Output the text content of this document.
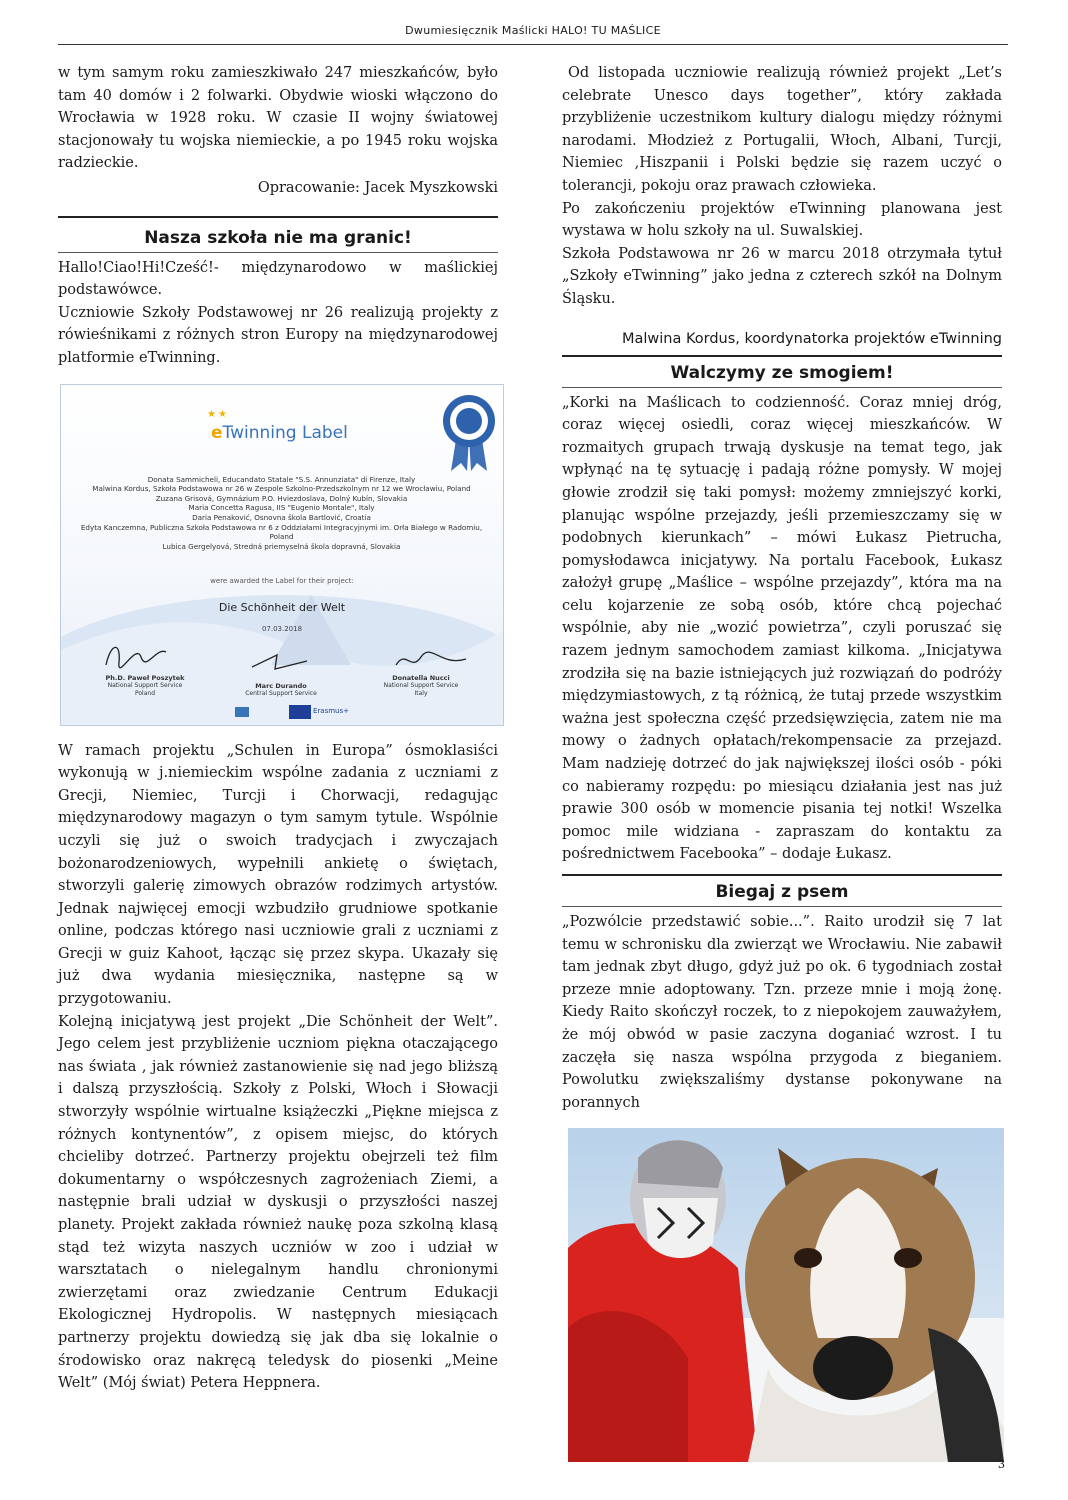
Dwumiesięcznik Maślicki HALO! TU MAŚLICE

w tym samym roku zamieszkiwało 247 mieszkańców, było tam 40 domów i 2 folwarki. Obydwie wioski włączono do Wrocławia w 1928 roku. W czasie II wojny światowej stacjonowały tu wojska niemieckie, a po 1945 roku wojska radzieckie.

Opracowanie: Jacek Myszkowski

Nasza szkoła nie ma granic!

Hallo!Ciao!Hi!Cześć!- międzynarodowo w maślickiej podstawówce.

Uczniowie Szkoły Podstawowej nr 26 realizują projekty z rówieśnikami z różnych stron Europy na międzynarodowej platformie eTwinning.

★★
eTwinning Label
Donata Sammicheli, Educandato Statale "S.S. Annunziata" di Firenze, Italy
Malwina Kordus, Szkoła Podstawowa nr 26 w Zespole Szkolno-Przedszkolnym nr 12 we Wrocławiu, Poland
Zuzana Grisová, Gymnázium P.O. Hviezdoslava, Dolný Kubín, Slovakia
Maria Concetta Ragusa, IIS "Eugenio Montale", Italy
Daria Penaković, Osnovna škola Bartlović, Croatia
Edyta Kanczemna, Publiczna Szkoła Podstawowa nr 6 z Oddziałami Integracyjnymi im. Orła Białego w Radomiu, Poland
Lubica Gergelyová, Stredná priemyselná škola dopravná, Slovakia
were awarded the Label for their project:
Die Schönheit der Welt
07.03.2018
Ph.D. Paweł Poszytek
National Support Service
Poland
Marc Durando
Central Support Service
Donatella Nucci
National Support Service
Italy
Erasmus+

W ramach projektu „Schulen in Europa” ósmoklasiści wykonują w j.niemieckim wspólne zadania z uczniami z Grecji, Niemiec, Turcji i Chorwacji, redagując międzynarodowy magazyn o tym samym tytule. Wspólnie uczyli się już o swoich tradycjach i zwyczajach bożonarodzeniowych, wypełnili ankietę o świętach, stworzyli galerię zimowych obrazów rodzimych artystów. Jednak najwięcej emocji wzbudziło grudniowe spotkanie online, podczas którego nasi uczniowie grali z uczniami z Grecji w guiz Kahoot, łącząc się przez skypa. Ukazały się już dwa wydania miesięcznika, następne są w przygotowaniu.

Kolejną inicjatywą jest projekt „Die Schönheit der Welt”. Jego celem jest przybliżenie uczniom piękna otaczającego nas świata , jak również zastanowienie się nad jego bliższą i dalszą przyszłością. Szkoły z Polski, Włoch i Słowacji stworzyły wspólnie wirtualne książeczki „Piękne miejsca z różnych kontynentów”, z opisem miejsc, do których chcieliby dotrzeć. Partnerzy projektu obejrzeli też film dokumentarny o współczesnych zagrożeniach Ziemi, a następnie brali udział w dyskusji o przyszłości naszej planety. Projekt zakłada również naukę poza szkolną klasą stąd też wizyta naszych uczniów w zoo i udział w warsztatach o nielegalnym handlu chronionymi zwierzętami oraz zwiedzanie Centrum Edukacji Ekologicznej Hydropolis. W następnych miesiącach partnerzy projektu dowiedzą się jak dba się lokalnie o środowisko oraz nakręcą teledysk do piosenki „Meine Welt” (Mój świat) Petera Heppnera.

Od listopada uczniowie realizują również projekt „Let’s celebrate Unesco days together”, który zakłada przybliżenie uczestnikom kultury dialogu między różnymi narodami. Młodzież z Portugalii, Włoch, Albani, Turcji, Niemiec ,Hiszpanii i Polski będzie się razem uczyć o tolerancji, pokoju oraz prawach człowieka.

Po zakończeniu projektów eTwinning planowana jest wystawa w holu szkoły na ul. Suwalskiej.

Szkoła Podstawowa nr 26 w marcu 2018 otrzymała tytuł „Szkoły eTwinning” jako jedna z czterech szkół na Dolnym Śląsku.

Malwina Kordus, koordynatorka projektów eTwinning
Walczymy ze smogiem!

„Korki na Maślicach to codzienność. Coraz mniej dróg, coraz więcej osiedli, coraz więcej mieszkańców. W rozmaitych grupach trwają dyskusje na temat tego, jak wpłynąć na tę sytuację i padają różne pomysły. W mojej głowie zrodził się taki pomysł: możemy zmniejszyć korki, planując wspólne przejazdy, jeśli przemieszczamy się w podobnych kierunkach” – mówi Łukasz Pietrucha, pomysłodawca inicjatywy. Na portalu Facebook, Łukasz założył grupę „Maślice – wspólne przejazdy”, która ma na celu kojarzenie ze sobą osób, które chcą pojechać wspólnie, aby nie „wozić powietrza”, czyli poruszać się razem jednym samochodem zamiast kilkoma. „Inicjatywa zrodziła się na bazie istniejących już rozwiązań do podróży międzymiastowych, z tą różnicą, że tutaj przede wszystkim ważna jest społeczna część przedsięwzięcia, zatem nie ma mowy o żadnych opłatach/rekompensacie za przejazd. Mam nadzieję dotrzeć do jak największej ilości osób - póki co nabieramy rozpędu: po miesiącu działania jest nas już prawie 300 osób w momencie pisania tej notki! Wszelka pomoc mile widziana - zapraszam do kontaktu za pośrednictwem Facebooka” – dodaje Łukasz.

Biegaj z psem

„Pozwólcie przedstawić sobie...”. Raito urodził się 7 lat temu w schronisku dla zwierząt we Wrocławiu. Nie zabawił tam jednak zbyt długo, gdyż już po ok. 6 tygodniach został przeze mnie adoptowany. Tzn. przeze mnie i moją żonę. Kiedy Raito skończył roczek, to z niepokojem zauważyłem, że mój obwód w pasie zaczyna doganiać wzrost. I tu zaczęła się nasza wspólna przygoda z bieganiem. Powolutku zwiększaliśmy dystanse pokonywane na porannych

3
